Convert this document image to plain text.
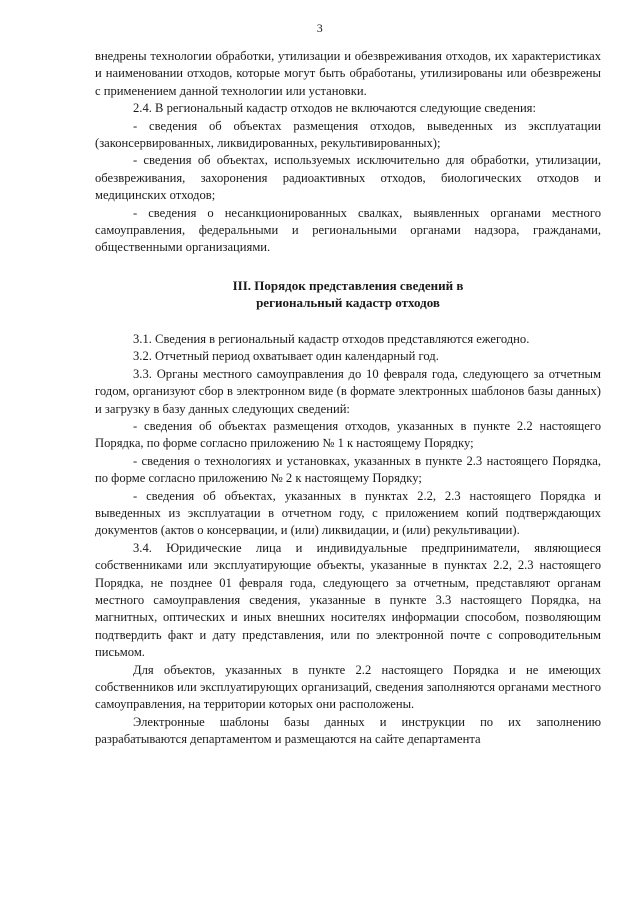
3

внедрены технологии обработки, утилизации и обезвреживания отходов, их характеристиках и наименовании отходов, которые могут быть обработаны, утилизированы или обезврежены с применением данной технологии или установки.

2.4. В региональный кадастр отходов не включаются следующие сведения:

- сведения об объектах размещения отходов, выведенных из эксплуатации (законсервированных, ликвидированных, рекультивированных);

- сведения об объектах, используемых исключительно для обработки, утилизации, обезвреживания, захоронения радиоактивных отходов, биологических отходов и медицинских отходов;

- сведения о несанкционированных свалках, выявленных органами местного самоуправления, федеральными и региональными органами надзора, гражданами, общественными организациями.

III. Порядок представления сведений в
региональный кадастр отходов

3.1. Сведения в региональный кадастр отходов представляются ежегодно.

3.2. Отчетный период охватывает один календарный год.

3.3. Органы местного самоуправления до 10 февраля года, следующего за отчетным годом, организуют сбор в электронном виде (в формате электронных шаблонов базы данных) и загрузку в базу данных следующих сведений:

- сведения об объектах размещения отходов, указанных в пункте 2.2 настоящего Порядка, по форме согласно приложению № 1 к настоящему Порядку;

- сведения о технологиях и установках, указанных в пункте 2.3 настоящего Порядка, по форме согласно приложению № 2 к настоящему Порядку;

- сведения об объектах, указанных в пунктах 2.2, 2.3 настоящего Порядка и выведенных из эксплуатации в отчетном году, с приложением копий подтверждающих документов (актов о консервации, и (или) ликвидации, и (или) рекультивации).

3.4. Юридические лица и индивидуальные предприниматели, являющиеся собственниками или эксплуатирующие объекты, указанные в пунктах 2.2, 2.3 настоящего Порядка, не позднее 01 февраля года, следующего за отчетным, представляют органам местного самоуправления сведения, указанные в пункте 3.3 настоящего Порядка, на магнитных, оптических и иных внешних носителях информации способом, позволяющим подтвердить факт и дату представления, или по электронной почте с сопроводительным письмом.

Для объектов, указанных в пункте 2.2 настоящего Порядка и не имеющих собственников или эксплуатирующих организаций, сведения заполняются органами местного самоуправления, на территории которых они расположены.

Электронные шаблоны базы данных и инструкции по их заполнению разрабатываются департаментом и размещаются на сайте департамента
